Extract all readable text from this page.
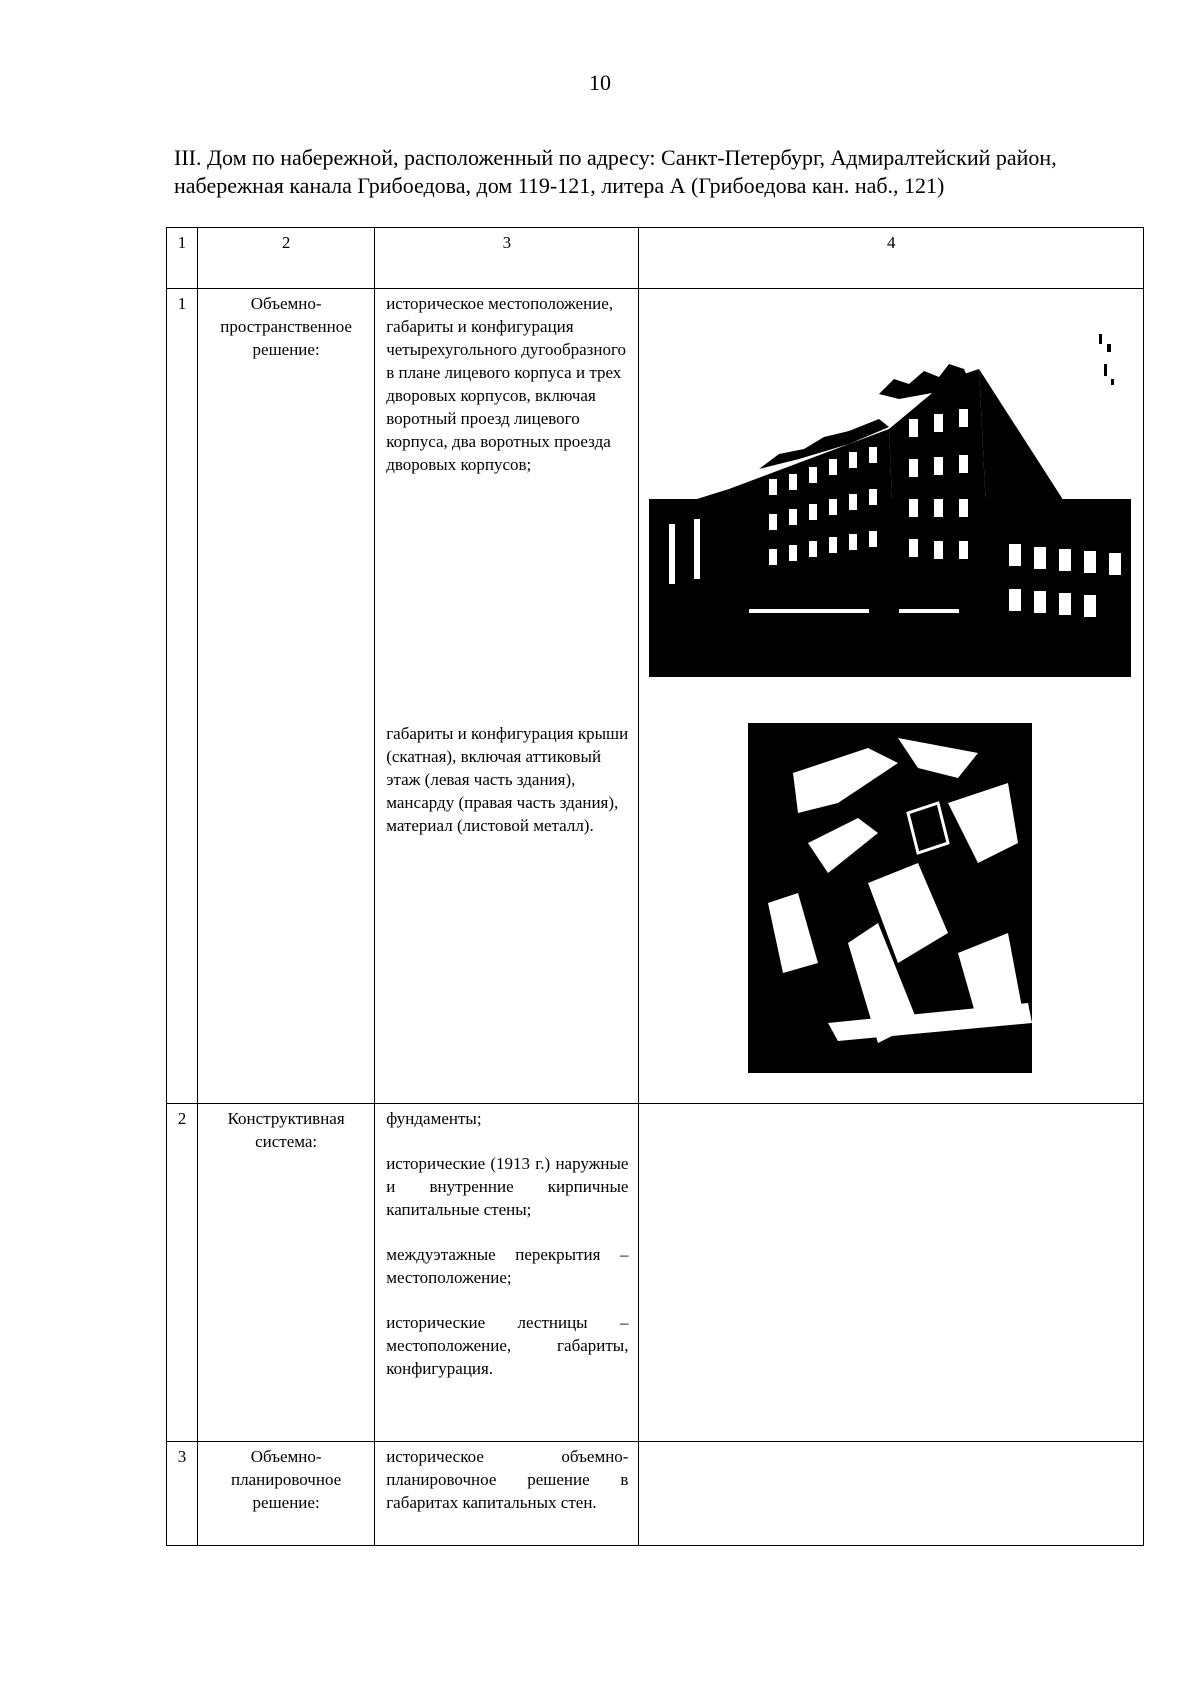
10
III. Дом по набережной, расположенный по адресу: Санкт-Петербург, Адмиралтейский район, набережная канала Грибоедова, дом 119-121, литера А (Грибоедова кан. наб., 121)
1	2	3	4
1	Объемно-пространственное решение:	историческое местоположение, габариты и конфигурация четырехугольного дугообразного в плане лицевого корпуса и трех дворовых корпусов, включая воротный проезд лицевого корпуса, два воротных проезда дворовых корпусов;
габариты и конфигурация крыши (скатная), включая аттиковый этаж (левая часть здания), мансарду (правая часть здания), материал (листовой металл).

2	Конструктивная система:	фундаменты;
исторические (1913 г.) наружные и внутренние кирпичные капитальные стены;
междуэтажные перекрытия – местоположение;
исторические лестницы – местоположение, габариты, конфигурация.	

3	Объемно-планировочное решение:	историческое объемно-планировочное решение в габаритах капитальных стен.	
